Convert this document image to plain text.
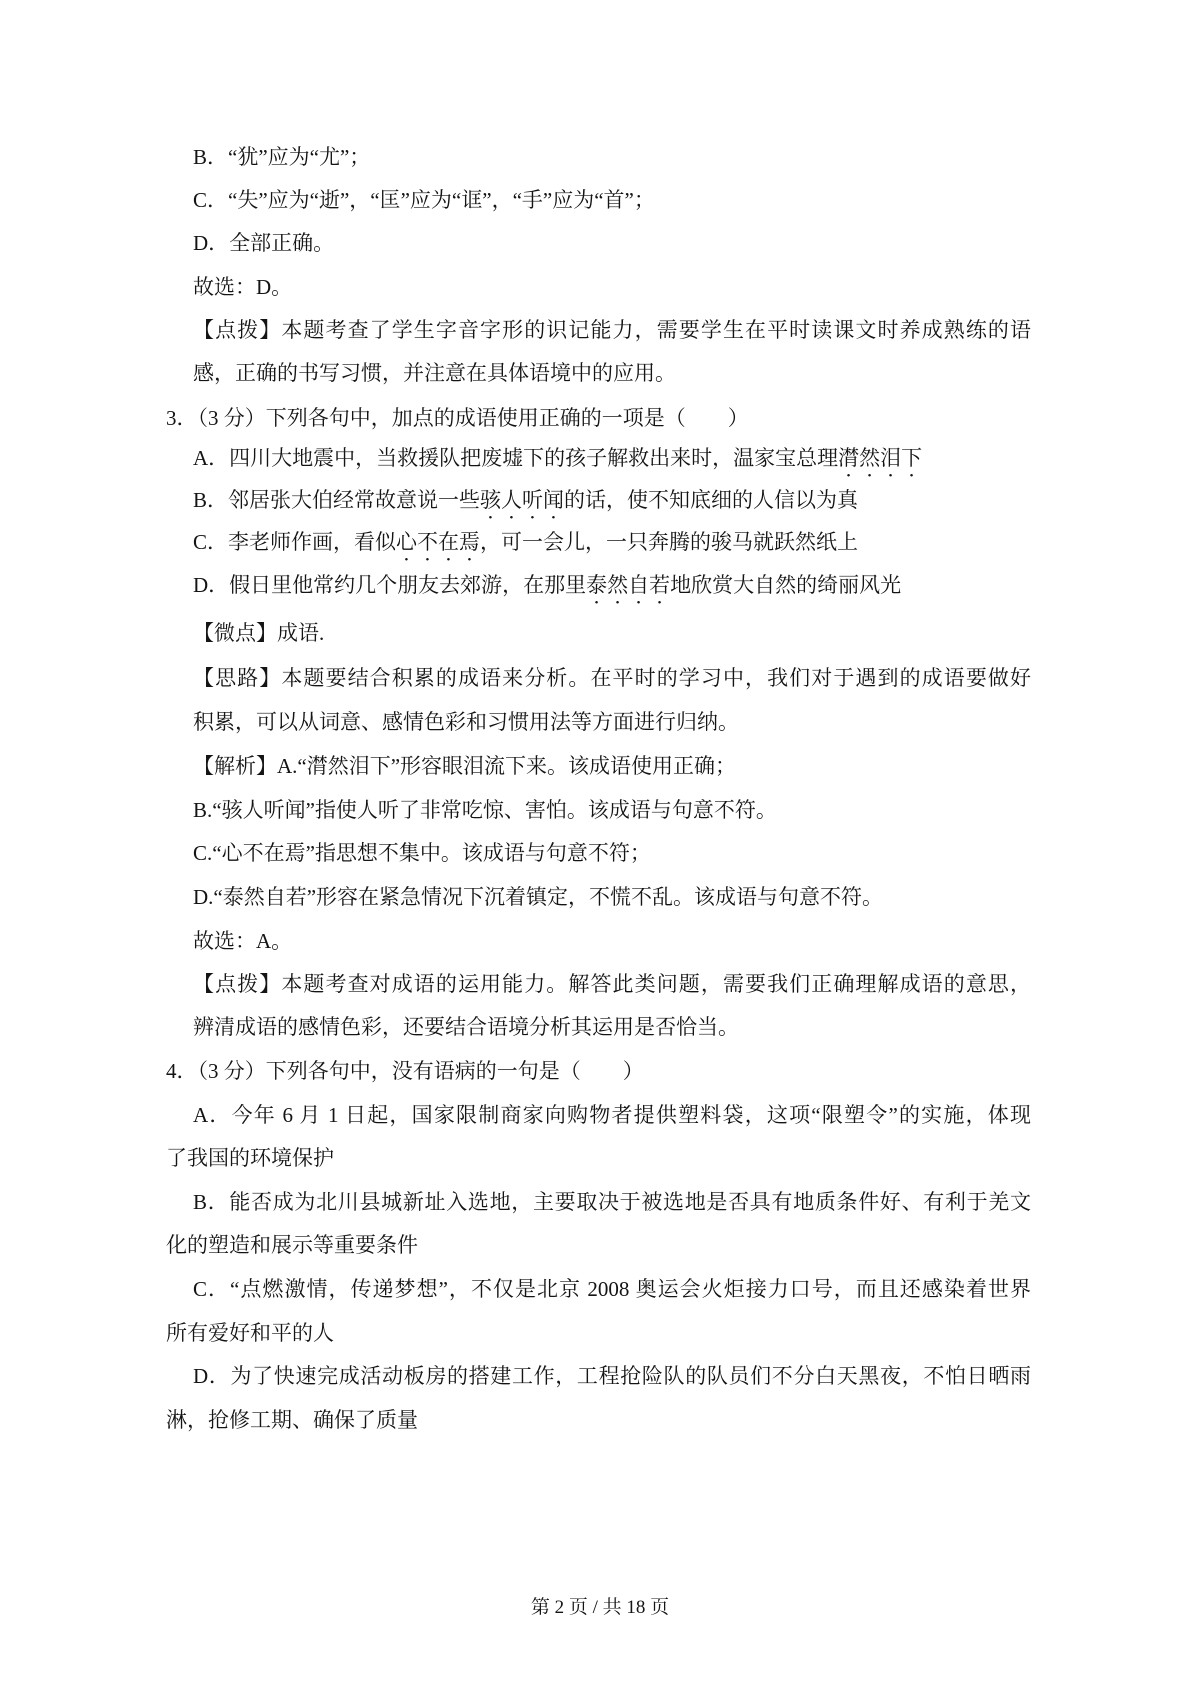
B．“犹”应为“尤”；
C．“失”应为“逝”，“匡”应为“诓”，“手”应为“首”；
D．全部正确。
故选：D。
【点拨】本题考查了学生字音字形的识记能力，需要学生在平时读课文时养成熟练的语
感，正确的书写习惯，并注意在具体语境中的应用。
3．（3 分）下列各句中，加点的成语使用正确的一项是（　　）
A．四川大地震中，当救援队把废墟下的孩子解救出来时，温家宝总理潸然泪下
B．邻居张大伯经常故意说一些骇人听闻的话，使不知底细的人信以为真
C．李老师作画，看似心不在焉，可一会儿，一只奔腾的骏马就跃然纸上
D．假日里他常约几个朋友去郊游，在那里泰然自若地欣赏大自然的绮丽风光
【微点】成语.
【思路】本题要结合积累的成语来分析。在平时的学习中，我们对于遇到的成语要做好
积累，可以从词意、感情色彩和习惯用法等方面进行归纳。
【解析】A.“潸然泪下”形容眼泪流下来。该成语使用正确；
B.“骇人听闻”指使人听了非常吃惊、害怕。该成语与句意不符。
C.“心不在焉”指思想不集中。该成语与句意不符；
D.“泰然自若”形容在紧急情况下沉着镇定，不慌不乱。该成语与句意不符。
故选：A。
【点拨】本题考查对成语的运用能力。解答此类问题，需要我们正确理解成语的意思，
辨清成语的感情色彩，还要结合语境分析其运用是否恰当。
4．（3 分）下列各句中，没有语病的一句是（　　）
A．今年 6 月 1 日起，国家限制商家向购物者提供塑料袋，这项“限塑令”的实施，体现
了我国的环境保护
B．能否成为北川县城新址入选地，主要取决于被选地是否具有地质条件好、有利于羌文
化的塑造和展示等重要条件
C．“点燃激情，传递梦想”，不仅是北京 2008 奥运会火炬接力口号，而且还感染着世界
所有爱好和平的人
D．为了快速完成活动板房的搭建工作，工程抢险队的队员们不分白天黑夜，不怕日晒雨
淋，抢修工期、确保了质量
第 2 页 / 共 18 页
